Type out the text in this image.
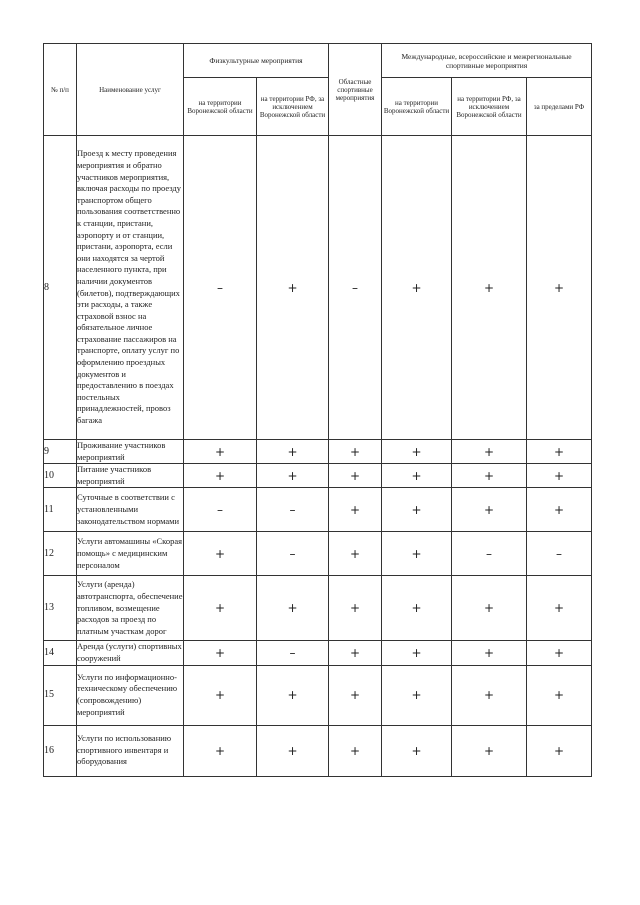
№ п/п	Наименование услуг	Физкультурные мероприятия		Областные спортивные мероприятия	Международные, всероссийские и межрегиональные спортивные мероприятия		
		на территории Воронежской области	на территории РФ, за исключением Воронежской области		на территории Воронежской области	на территории РФ, за исключением Воронежской области	за пределами РФ
8	Проезд к месту проведения мероприятия и обратно участников мероприятия, включая расходы по проезду транспортом общего пользования соответственно к станции, пристани, аэропорту и от станции, пристани, аэропорта, если они находятся за чертой населенного пункта, при наличии документов (билетов), подтверждающих эти расходы, а также страховой взнос на обязательное личное страхование пассажиров на транспорте, оплату услуг по оформлению проездных документов и предоставлению в поездах постельных принадлежностей, провоз багажа	–	+	–	+	+	+
9	Проживание участников мероприятий	+	+	+	+	+	+
10	Питание участников мероприятий	+	+	+	+	+	+
11	Суточные в соответствии с установленными законодательством нормами	–	–	+	+	+	+
12	Услуги автомашины «Скорая помощь» с медицинским персоналом	+	–	+	+	–	–
13	Услуги (аренда) автотранспорта, обеспечение топливом, возмещение расходов за проезд по платным участкам дорог	+	+	+	+	+	+
14	Аренда (услуги) спортивных сооружений	+	–	+	+	+	+
15	Услуги по информационно-техническому обеспечению (сопровождению) мероприятий	+	+	+	+	+	+
16	Услуги по использованию спортивного инвентаря и оборудования	+	+	+	+	+	+
